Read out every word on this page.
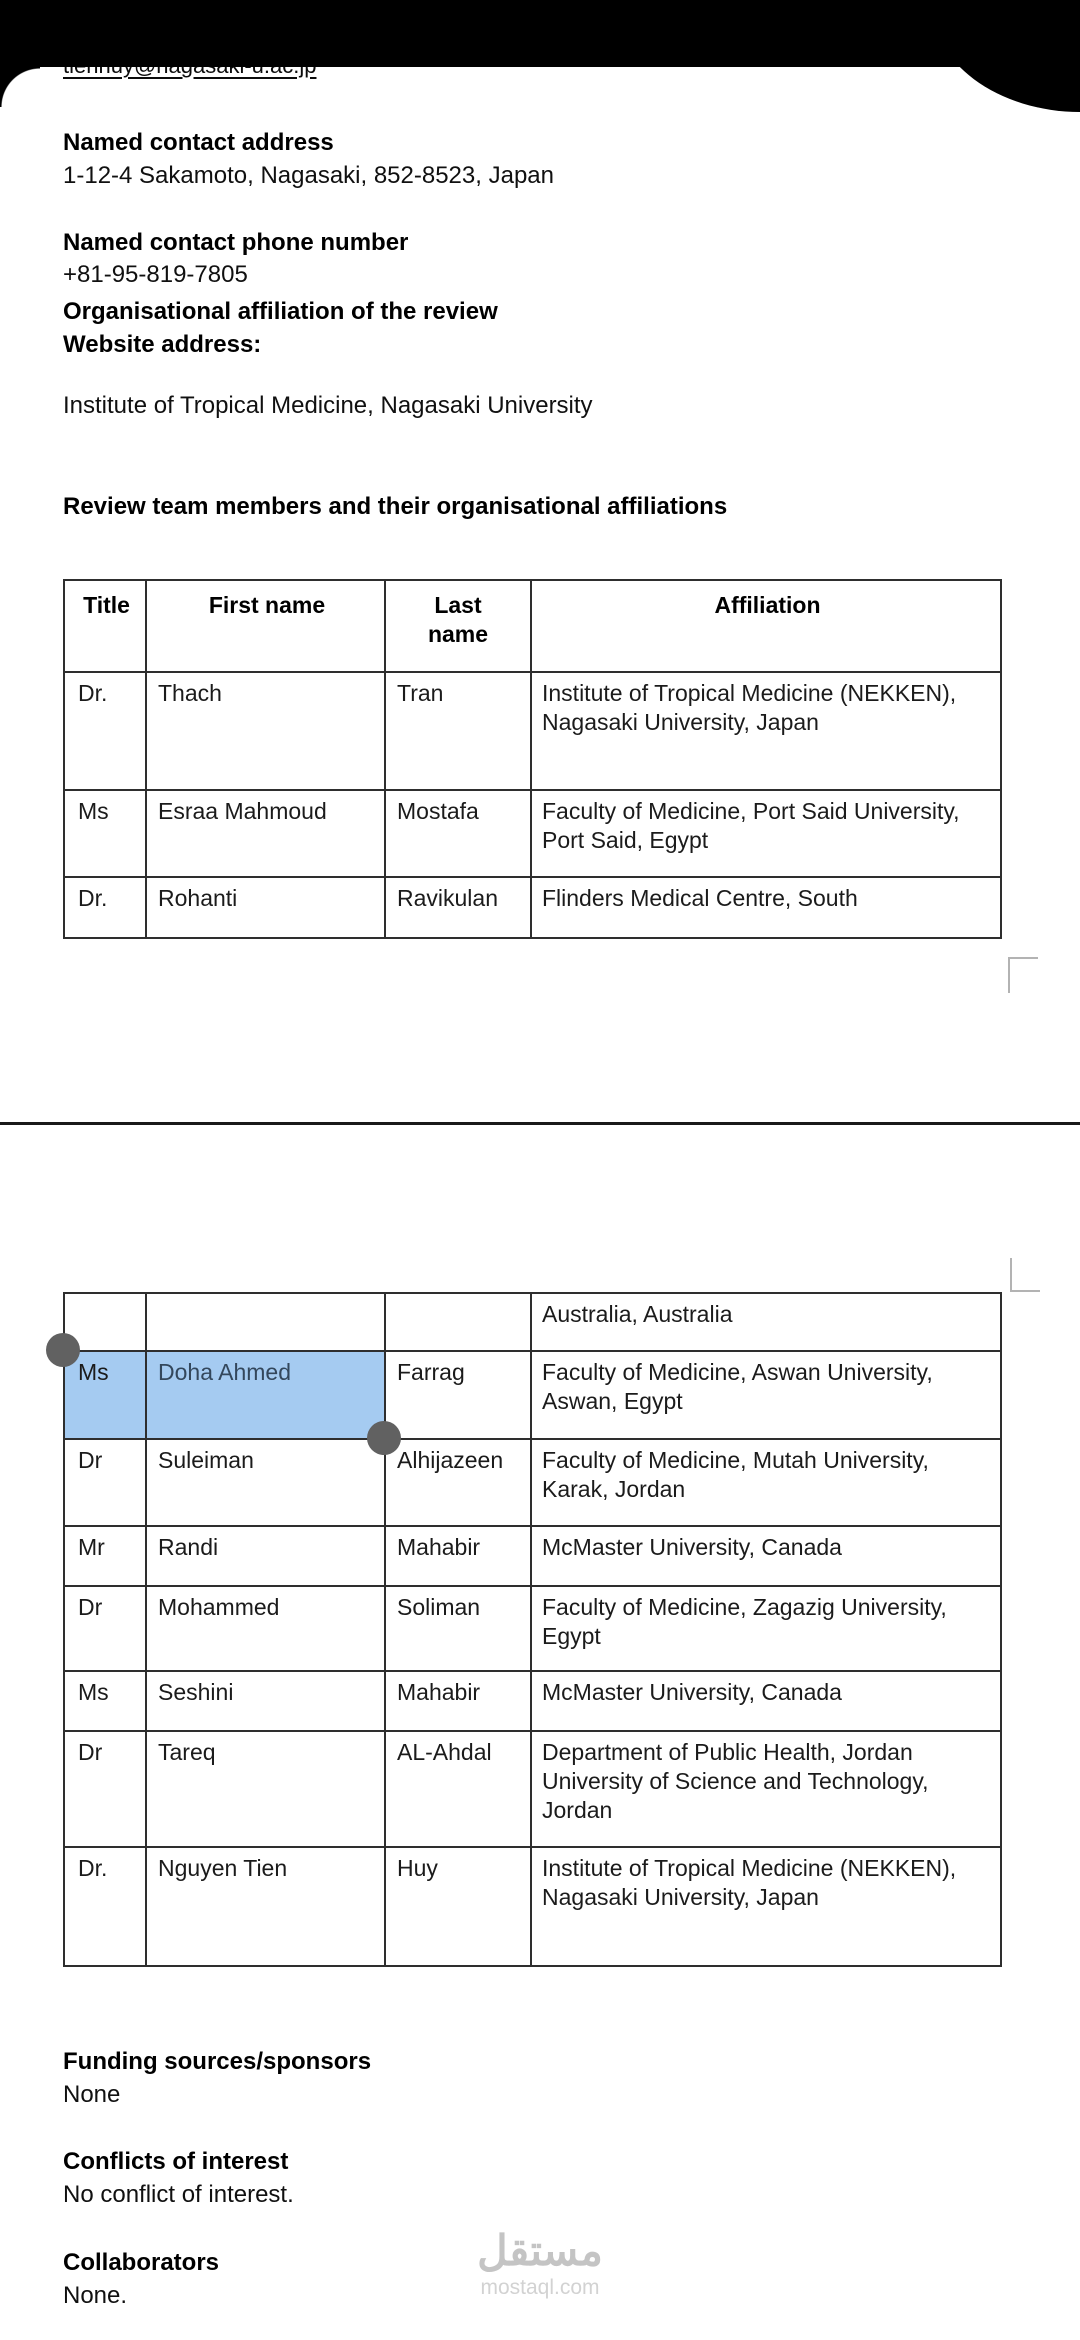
Named contact address
1-12-4 Sakamoto, Nagasaki, 852-8523, Japan
Named contact phone number
+81-95-819-7805
Organisational affiliation of the review
Website address:
Institute of Tropical Medicine, Nagasaki University
Review team members and their organisational affiliations
Title	First name	Last name	Affiliation
Dr.	Thach	Tran	Institute of Tropical Medicine (NEKKEN), Nagasaki University, Japan
Ms	Esraa Mahmoud	Mostafa	Faculty of Medicine, Port Said University, Port Said, Egypt
Dr.	Rohanti	Ravikulan	Flinders Medical Centre, South
			Australia, Australia
Ms	Doha Ahmed	Farrag	Faculty of Medicine, Aswan University, Aswan, Egypt
Dr	Suleiman	Alhijazeen	Faculty of Medicine, Mutah University, Karak, Jordan
Mr	Randi	Mahabir	McMaster University, Canada
Dr	Mohammed	Soliman	Faculty of Medicine, Zagazig University, Egypt
Ms	Seshini	Mahabir	McMaster University, Canada
Dr	Tareq	AL-Ahdal	Department of Public Health, Jordan University of Science and Technology, Jordan
Dr.	Nguyen Tien	Huy	Institute of Tropical Medicine (NEKKEN), Nagasaki University, Japan
Funding sources/sponsors
None
Conflicts of interest
No conflict of interest.
Collaborators
None.
مستقل
mostaql.com
